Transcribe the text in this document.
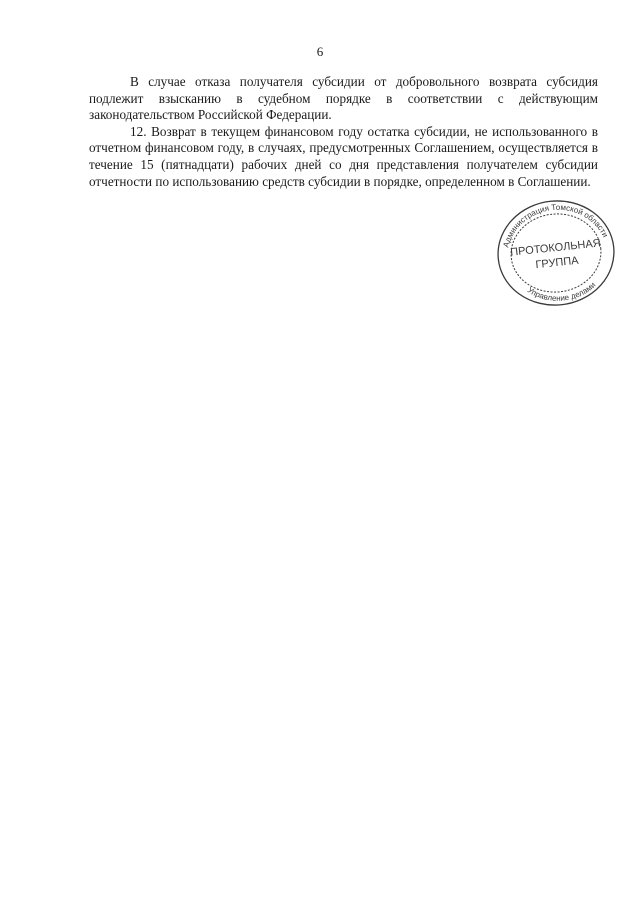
6

В случае отказа получателя субсидии от добровольного возврата субсидия подлежит взысканию в судебном порядке в соответствии с действующим законодательством Российской Федерации.

12. Возврат в текущем финансовом году остатка субсидии, не использованного в отчетном финансовом году, в случаях, предусмотренных Соглашением, осуществляется в течение 15 (пятнадцати) рабочих дней со дня представления получателем субсидии отчетности по использованию средств субсидии в порядке, определенном в Соглашении.

Администрация Томской области
Управление делами
ПРОТОКОЛЬНАЯ
ГРУППА
